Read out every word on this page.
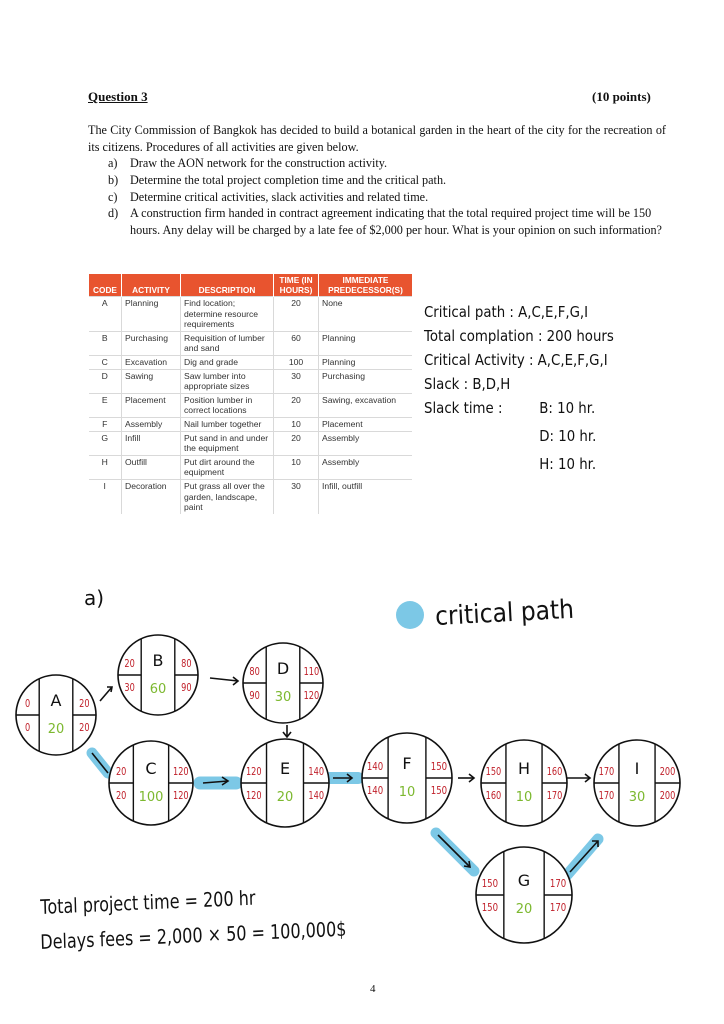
Question 3	(10 points)
The City Commission of Bangkok has decided to build a botanical garden in the heart of the city for the recreation of its citizens. Procedures of all activities are given below.
a)	Draw the AON network for the construction activity.
b) Determine the total project completion time and the critical path.
c)	Determine critical activities, slack activities and related time.
d) A construction firm handed in contract agreement indicating that the total required project time will be 150 hours. Any delay will be charged by a late fee of $2,000 per hour. What is your opinion on such information?
CODE	ACTIVITY	DESCRIPTION	TIME (IN HOURS)	IMMEDIATE PREDECESSOR(S)
A	Planning	Find location; determine resource requirements	20	None
B	Purchasing	Requisition of lumber and sand	60	Planning
C	Excavation	Dig and grade	100	Planning
D	Sawing	Saw lumber into appropriate sizes	30	Purchasing
E	Placement	Position lumber in correct locations	20	Sawing, excavation
F	Assembly	Nail lumber together	10	Placement
G	Infill	Put sand in and under the equipment	20	Assembly
H	Outfill	Put dirt around the equipment	10	Assembly
I	Decoration	Put grass all over the garden, landscape, paint	30	Infill, outfill
Critical path : A,C,E,F,G,I
Total complation : 200 hours
Critical Activity : A,C,E,F,G,I
Slack : B,D,H
Slack time :	B: 10 hr.
D: 10 hr.
H: 10 hr.
a)	critical path
A
20
0
0
20
20
B
60
20
30
80
90
C
100
20
20
120
120
D
30
80
90
110
120
E
20
120
120
140
140
F
10
140
140
150
150
H
10
150
160
160
170
G
20
150
150
170
170
I
30
170
170
200
200
Total project time = 200 hr
Delays fees = 2,000 × 50 = 100,000$
4
